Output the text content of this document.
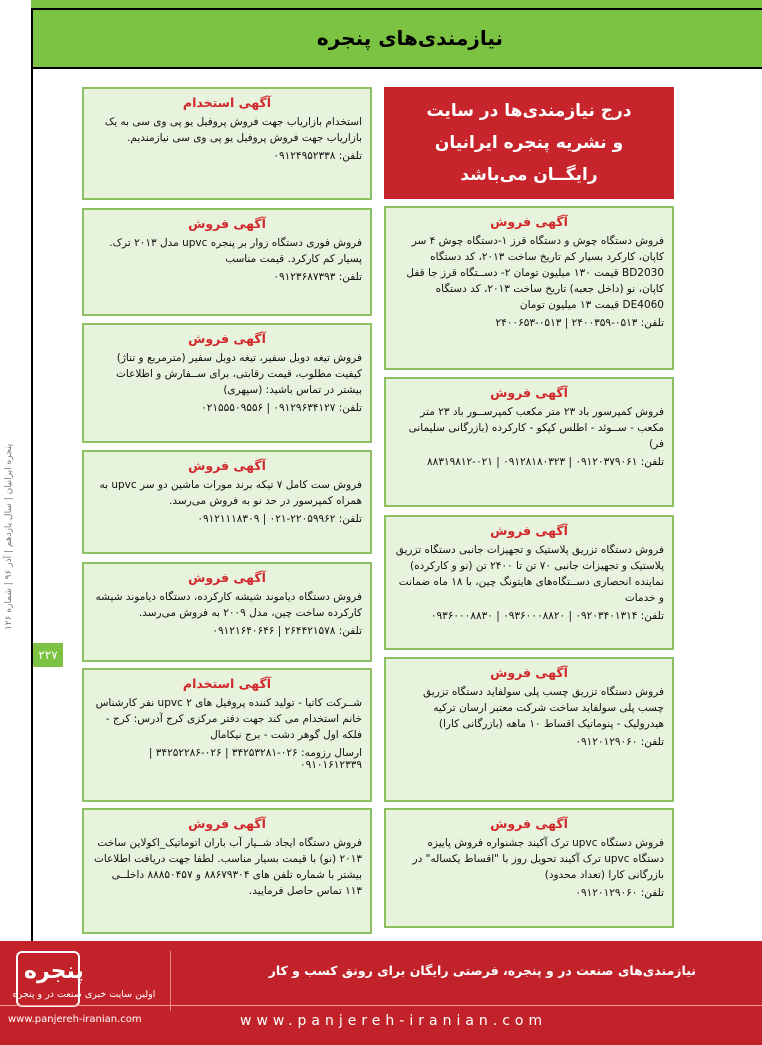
نیازمندی‌های پنجره
پنجره ایرانیان | سال یازدهم | آذر ۹۶ | شماره ۱۲۶
۲۲۷
درج نیازمندی‌ها در سایت
و نشریه پنجره ایرانیان
رایگــان می‌باشد
آگهی استخدام
استخدام بازاریاب جهت فروش پروفیل یو پی وی سی به یک بازاریاب جهت فروش پروفیل یو پی وی سی نیازمندیم.
تلفن: ۰۹۱۲۴۹۵۲۳۳۸
آگهی فروش
فروش فوری دستگاه زوار بر پنجره upvc مدل ۲۰۱۳ ترک. پسیار کم کارکرد. قیمت مناسب
تلفن: ۰۹۱۲۳۶۸۷۳۹۳
آگهی فروش
فروش تیغه دوبل سفیر، تیغه دوبل سفیر (مترمربع و تناژ) کیفیت مطلوب، قیمت رقابتی، برای ســفارش و اطلاعات بیشتر در تماس باشید: (سپهری)
تلفن: ۰۹۱۲۹۶۳۴۱۲۷ | ۰۲۱۵۵۵۰۹۵۵۶
آگهی فروش
فروش ست کامل ۷ تیکه برند مورات ماشین دو سر upvc به همراه کمپرسور در حد نو به فروش می‌رسد.
تلفن: ۲۲۰۵۹۹۶۲-۰۲۱ | ۰۹۱۲۱۱۱۸۳۰۹
آگهی فروش
فروش دستگاه دیاموند شیشه کارکرده، دستگاه دیاموند شیشه کارکرده ساخت چین، مدل ۲۰۰۹ به فروش می‌رسد.
تلفن: ۲۶۴۴۲۱۵۷۸ | ۰۹۱۲۱۶۴۰۶۴۶
آگهی استخدام
شــرکت کاتیا - تولید کننده پروفیل های upvc ۲ نفر کارشناس خانم استخدام می کند جهت دفتر مرکزی کرج آدرس: کرج - فلکه اول گوهر دشت - برج نیکامال
ارسال رزومه: ۰۲۶-۳۴۲۵۳۲۸۱ | ۰۲۶-۳۴۲۵۲۲۸۶ | ۰۹۱۰۱۶۱۲۳۳۹
آگهی فروش
فروش دستگاه ایجاد شــیار آب باران اتوماتیک_اکولاین ساخت ۲۰۱۳ (نو) با قیمت بسیار مناسب. لطفا جهت دریافت اطلاعات بیشتر با شماره تلفن های ۸۸۶۷۹۳۰۴ و ۸۸۸۵۰۴۵۷ داخلــی ۱۱۳ تماس حاصل فرمایید.
آگهی فروش
فروش دستگاه چوش و دستگاه قرز ۱-دستگاه چوش ۴ سر کاپان، کارکرد بسیار کم تاریخ ساخت ۲۰۱۳، کد دستگاه BD2030 قیمت ۱۳۰ میلیون تومان ۲- دســتگاه قرز جا قفل کاپان، نو (داخل جعبه) تاریخ ساخت ۲۰۱۳، کد دستگاه DE4060 قیمت ۱۳ میلیون تومان
تلفن: ۰۵۱۳-۲۴۰۰۳۵۹ | ۰۵۱۳-۲۴۰۰۶۵۳
آگهی فروش
فروش کمپرسور باد ۲۳ متر مکعب کمپرســور باد ۲۳ متر مکعب - ســوئد - اطلس کپکو - کارکرده (بازرگانی سلیمانی فر)
تلفن: ۰۹۱۲۰۳۷۹۰۶۱ | ۰۹۱۲۸۱۸۰۳۲۳ | ۰۲۱-۸۸۳۱۹۸۱۲
آگهی فروش
فروش دستگاه تزریق پلاستیک و تجهیزات جانبی دستگاه تزریق پلاستیک و تجهیزات جانبی ۷۰ تن تا ۲۴۰۰ تن (نو و کارکرده) نماینده انحصاری دســتگاه‌های هایتونگ چین، با ۱۸ ماه ضمانت و خدمات
تلفن: ۰۹۲۰۳۴۰۱۳۱۴ | ۰۹۳۶۰۰۰۸۸۲۰ | ۰۹۳۶۰۰۰۸۸۳۰
آگهی فروش
فروش دستگاه تزریق چسب پلی سولفاید دستگاه تزریق چسب پلی سولفاید ساخت شرکت معتبر ارسان ترکیه هیدرولیک - پنوماتیک اقساط ۱۰ ماهه (بازرگانی کارا)
تلفن: ۰۹۱۲۰۱۲۹۰۶۰
آگهی فروش
فروش دستگاه upvc ترک آکیند جشنواره فروش پاییزه دستگاه upvc ترک آکیند تحویل روز با "اقساط یکساله" در بازرگانی کارا (تعداد محدود)
تلفن: ۰۹۱۲۰۱۲۹۰۶۰
پنجره
اولین سایت خبری صنعت در و پنجره
www.panjereh-iranian.com
نیازمندی‌های صنعت در و پنجره، فرصتی رایگان برای رونق کسب و کار
www.panjereh-iranian.com
